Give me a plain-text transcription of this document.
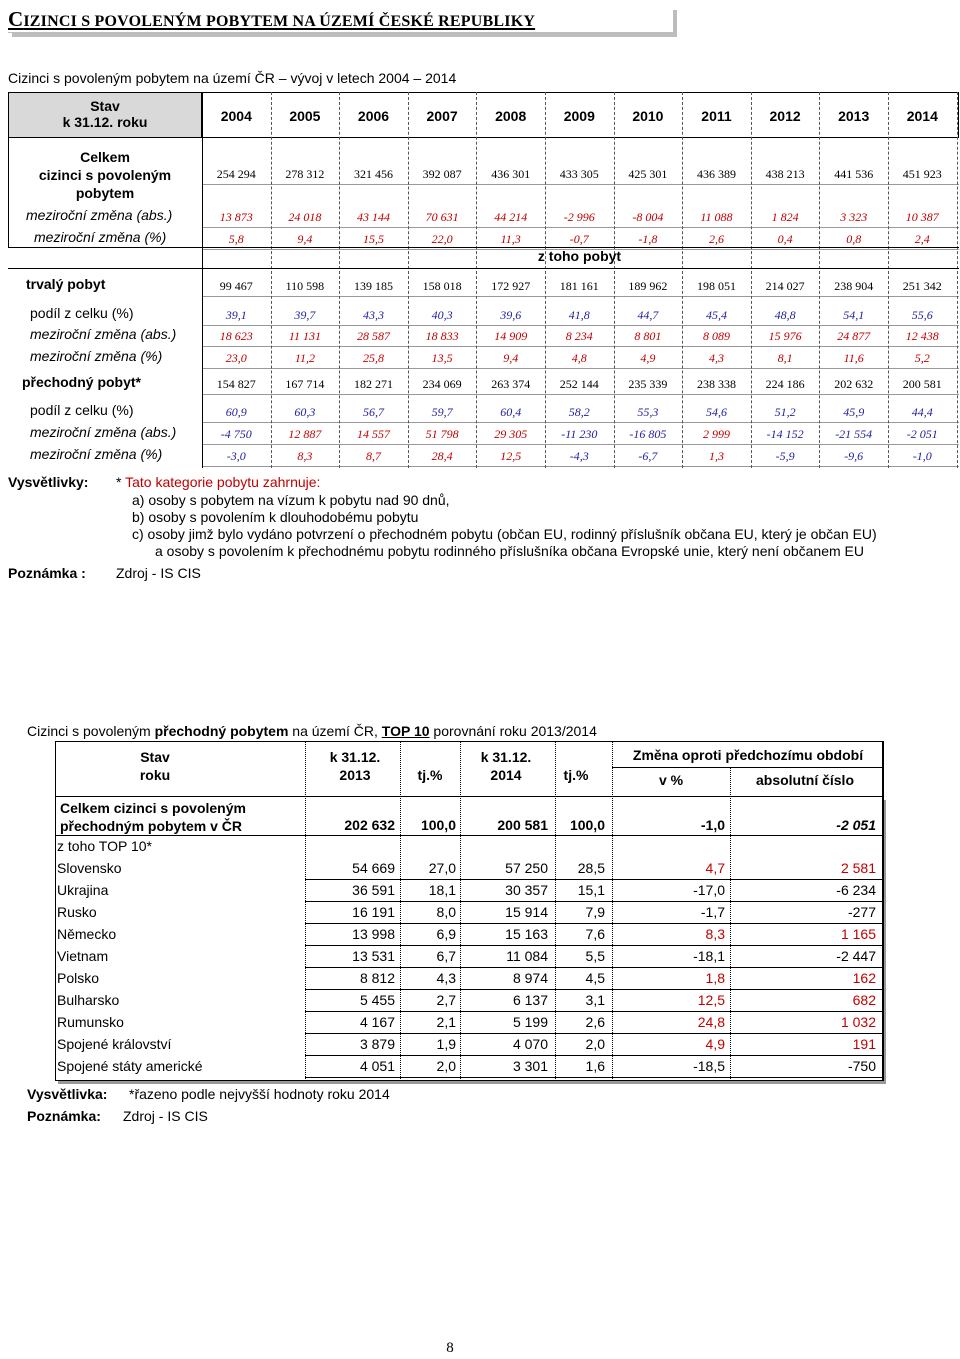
CIZINCI S POVOLENÝM POBYTEM NA ÚZEMÍ ČESKÉ REPUBLIKY
Cizinci s povoleným pobytem na území ČR – vývoj v letech 2004 – 2014
Stav
k 31.12. roku	2004	2005	2006	2007	2008	2009	2010	2011	2012	2013	2014
Celkem
cizinci s povoleným
pobytem
254 294	278 312	321 456	392 087	436 301	433 305	425 301	436 389	438 213	441 536	451 923
meziroční změna (abs.)	13 873	24 018	43 144	70 631	44 214	-2 996	-8 004	11 088	1 824	3 323	10 387
meziroční změna (%)	5,8	9,4	15,5	22,0	11,3	-0,7	-1,8	2,6	0,4	0,8	2,4
trvalý pobyt	99 467	110 598	139 185	158 018	172 927	181 161	189 962	198 051	214 027	238 904	251 342
podíl z celku (%)	39,1	39,7	43,3	40,3	39,6	41,8	44,7	45,4	48,8	54,1	55,6
meziroční změna (abs.)	18 623	11 131	28 587	18 833	14 909	8 234	8 801	8 089	15 976	24 877	12 438
meziroční změna (%)	23,0	11,2	25,8	13,5	9,4	4,8	4,9	4,3	8,1	11,6	5,2
přechodný pobyt*	154 827	167 714	182 271	234 069	263 374	252 144	235 339	238 338	224 186	202 632	200 581
podíl z celku (%)	60,9	60,3	56,7	59,7	60,4	58,2	55,3	54,6	51,2	45,9	44,4
meziroční změna (abs.)	-4 750	12 887	14 557	51 798	29 305	-11 230	-16 805	2 999	-14 152	-21 554	-2 051
meziroční změna (%)	-3,0	8,3	8,7	28,4	12,5	-4,3	-6,7	1,3	-5,9	-9,6	-1,0
z toho pobyt
Vysvětlivky: * Tato kategorie pobytu zahrnuje:
a) osoby s pobytem na vízum k pobytu nad 90 dnů,
b) osoby s povolením k dlouhodobému pobytu
c) osoby jimž bylo vydáno potvrzení o přechodném pobytu (občan EU, rodinný příslušník občana EU, který je občan EU)
a osoby s povolením k přechodnému pobytu rodinného příslušníka občana Evropské unie, který není občanem EU
Poznámka : Zdroj - IS CIS
Cizinci s povoleným přechodný pobytem na území ČR, TOP 10 porovnání roku 2013/2014
Stav
roku
k 31.12.
2013	tj.%
k 31.12.
2014	tj.%
Změna oproti předchozímu období
v %	absolutní číslo
Celkem cizinci s povoleným
přechodným pobytem v ČR	202 632	100,0	200 581	100,0	-1,0	-2 051
z toho TOP 10*
Slovensko	54 669	27,0	57 250	28,5	4,7	2 581
Ukrajina	36 591	18,1	30 357	15,1	-17,0	-6 234
Rusko	16 191	8,0	15 914	7,9	-1,7	-277
Německo	13 998	6,9	15 163	7,6	8,3	1 165
Vietnam	13 531	6,7	11 084	5,5	-18,1	-2 447
Polsko	8 812	4,3	8 974	4,5	1,8	162
Bulharsko	5 455	2,7	6 137	3,1	12,5	682
Rumunsko	4 167	2,1	5 199	2,6	24,8	1 032
Spojené království	3 879	1,9	4 070	2,0	4,9	191
Spojené státy americké	4 051	2,0	3 301	1,6	-18,5	-750
Vysvětlivka: *řazeno podle nejvyšší hodnoty roku 2014
Poznámka: Zdroj - IS CIS
8
